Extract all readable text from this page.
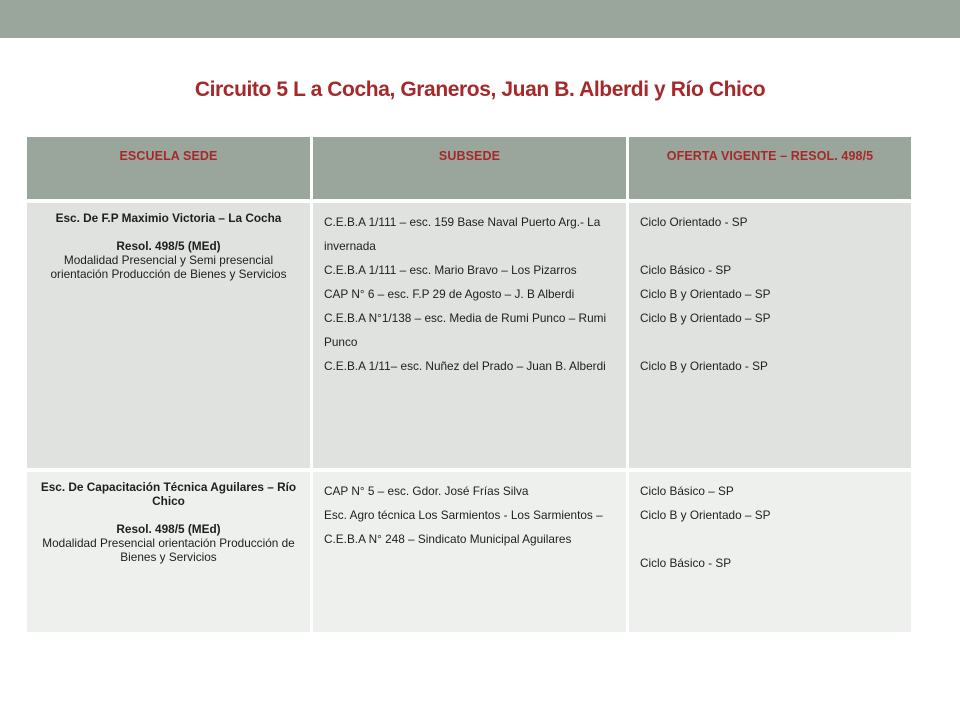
Circuito 5 L a Cocha, Graneros, Juan B. Alberdi y Río Chico
ESCUELA SEDE	SUBSEDE	OFERTA VIGENTE – RESOL. 498/5
Esc. De F.P Maximio Victoria – La Cocha
Resol. 498/5 (MEd)
Modalidad Presencial y Semi presencial orientación Producción de Bienes y Servicios
C.E.B.A 1/111 – esc. 159 Base Naval Puerto Arg.- La invernada
C.E.B.A 1/111 – esc. Mario Bravo – Los Pizarros
CAP N° 6 – esc. F.P 29 de Agosto – J. B Alberdi
C.E.B.A N°1/138 – esc. Media de Rumi Punco – Rumi Punco
C.E.B.A 1/11– esc. Nuñez del Prado – Juan B. Alberdi
Ciclo Orientado - SP
Ciclo Básico - SP
Ciclo B y Orientado – SP
Ciclo B y Orientado – SP
Ciclo B y Orientado - SP
Esc. De Capacitación Técnica Aguilares – Río Chico
Resol. 498/5 (MEd)
Modalidad Presencial orientación Producción de Bienes y Servicios
CAP N° 5 – esc. Gdor. José Frías Silva
Esc. Agro técnica Los Sarmientos - Los Sarmientos –
C.E.B.A N° 248 – Sindicato Municipal Aguilares
Ciclo Básico – SP
Ciclo B y Orientado – SP
Ciclo Básico - SP
